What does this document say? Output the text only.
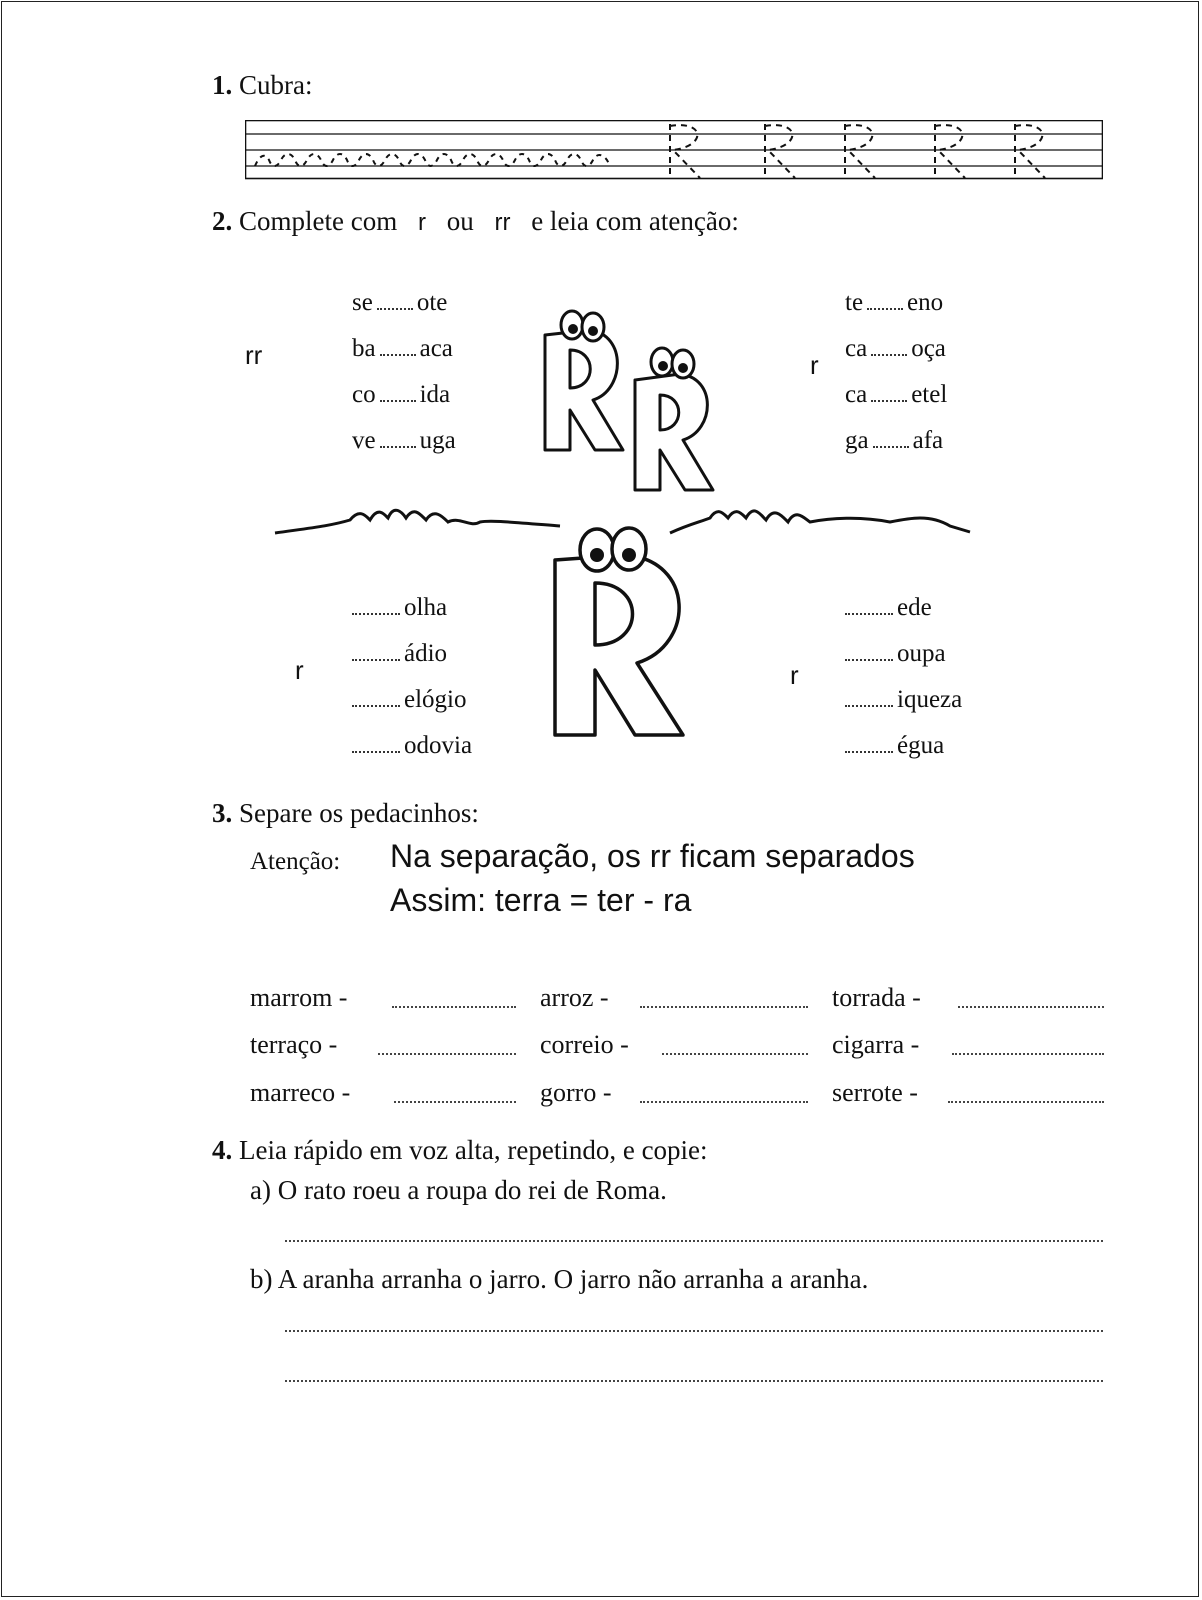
1. Cubra:
2. Complete com r ou rr e leia com atenção:
rr
se ote
ba aca
co ida
ve uga
r
te eno
ca oça
ca etel
ga afa
r
olha
ádio
elógio
odovia
r
ede
oupa
iqueza
égua
3. Separe os pedacinhos:
Atenção: Na separação, os rr ficam separados
Assim: terra = ter - ra
marrom -	arroz -	torrada -
terraço -	correio -	cigarra -
marreco -	gorro -	serrote -
4. Leia rápido em voz alta, repetindo, e copie:
a) O rato roeu a roupa do rei de Roma.
b) A aranha arranha o jarro. O jarro não arranha a aranha.
